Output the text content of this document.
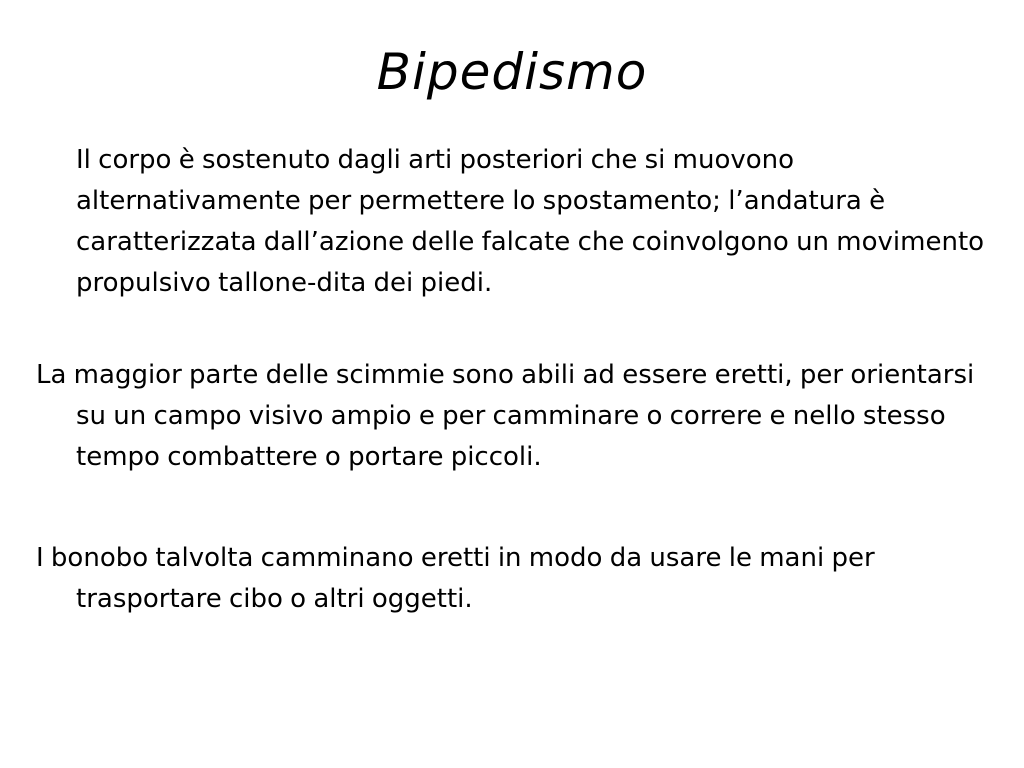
Bipedismo

Il corpo è sostenuto dagli arti posteriori che si muovono alternativamente per permettere lo spostamento; l’andatura è caratterizzata dall’azione delle falcate che coinvolgono un movimento propulsivo tallone-dita dei piedi.

La maggior parte delle scimmie sono abili ad essere eretti, per orientarsi su un campo visivo ampio e per camminare o correre e nello stesso tempo combattere o portare piccoli.

I bonobo talvolta camminano eretti in modo da usare le mani per trasportare cibo o altri oggetti.
